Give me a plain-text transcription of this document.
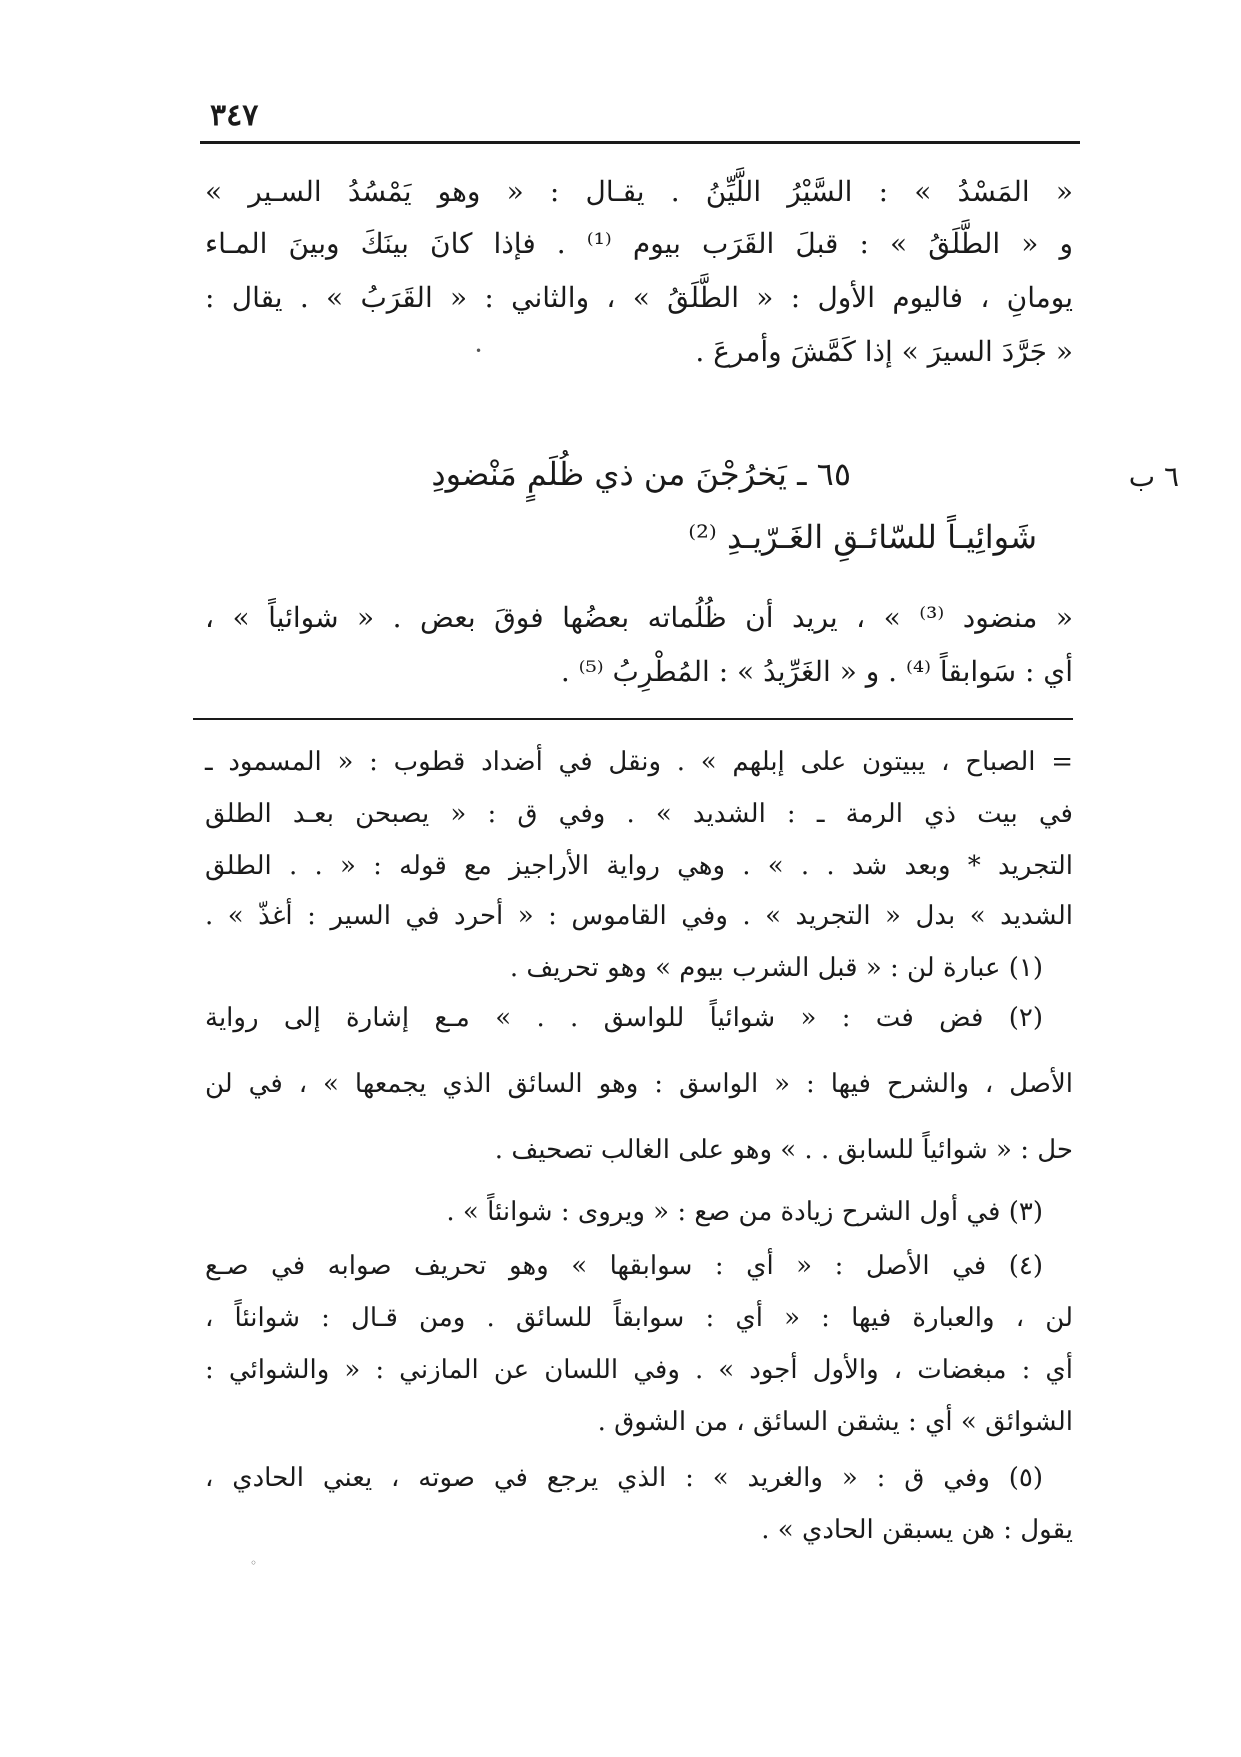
٣٤٧
« المَسْدُ » : السَّيْرُ اللَّيِّنُ . يقـال : « وهو يَمْسُدُ السـير »
و « الطَّلَقُ » : قبلَ القَرَب بيوم ⁽¹⁾ . فإذا كانَ بينَكَ وبينَ المـاء
يومانِ ، فاليوم الأول : « الطَّلَقُ » ، والثاني : « القَرَبُ » . يقال :
« جَرَّدَ السيرَ » إذا كَمَّشَ وأمرعَ .
•
٦ ب
٦٥ ـ يَخرُجْنَ من ذي ظُلَمٍ مَنْضودِ
شَوائِيـاً للسّائـقِ الغَـرّيـدِ ⁽²⁾
« منضود ⁽³⁾ » ، يريد أن ظُلُماته بعضُها فوقَ بعض . « شوائياً » ،
أي : سَوابقاً ⁽⁴⁾ . و « الغَرِّيدُ » : المُطْرِبُ ⁽⁵⁾ .
= الصباح ، يبيتون على إبلهم » . ونقل في أضداد قطوب : « المسمود ـ
في بيت ذي الرمة ـ : الشديد » . وفي ق : « يصبحن بعـد الطلق
التجريد * وبعد شد . . » . وهي رواية الأراجيز مع قوله : « . . الطلق
الشديد » بدل « التجريد » . وفي القاموس : « أحرد في السير : أغذّ » .
(١) عبارة لن : « قبل الشرب بيوم » وهو تحريف .
(٢) فض فت : « شوائياً للواسق . . » مـع إشارة إلى رواية
الأصل ، والشرح فيها : « الواسق : وهو السائق الذي يجمعها » ، في لن
حل : « شوائياً للسابق . . » وهو على الغالب تصحيف .
(٣) في أول الشرح زيادة من صع : « ويروى : شوانئاً » .
(٤) في الأصل : « أي : سوابقها » وهو تحريف صوابه في صـع
لن ، والعبارة فيها : « أي : سوابقاً للسائق . ومن قـال : شوانئاً ،
أي : مبغضات ، والأول أجود » . وفي اللسان عن المازني : « والشوائي :
الشوائق » أي : يشقن السائق ، من الشوق .
(٥) وفي ق : « والغريد » : الذي يرجع في صوته ، يعني الحادي ،
يقول : هن يسبقن الحادي » .
◦
